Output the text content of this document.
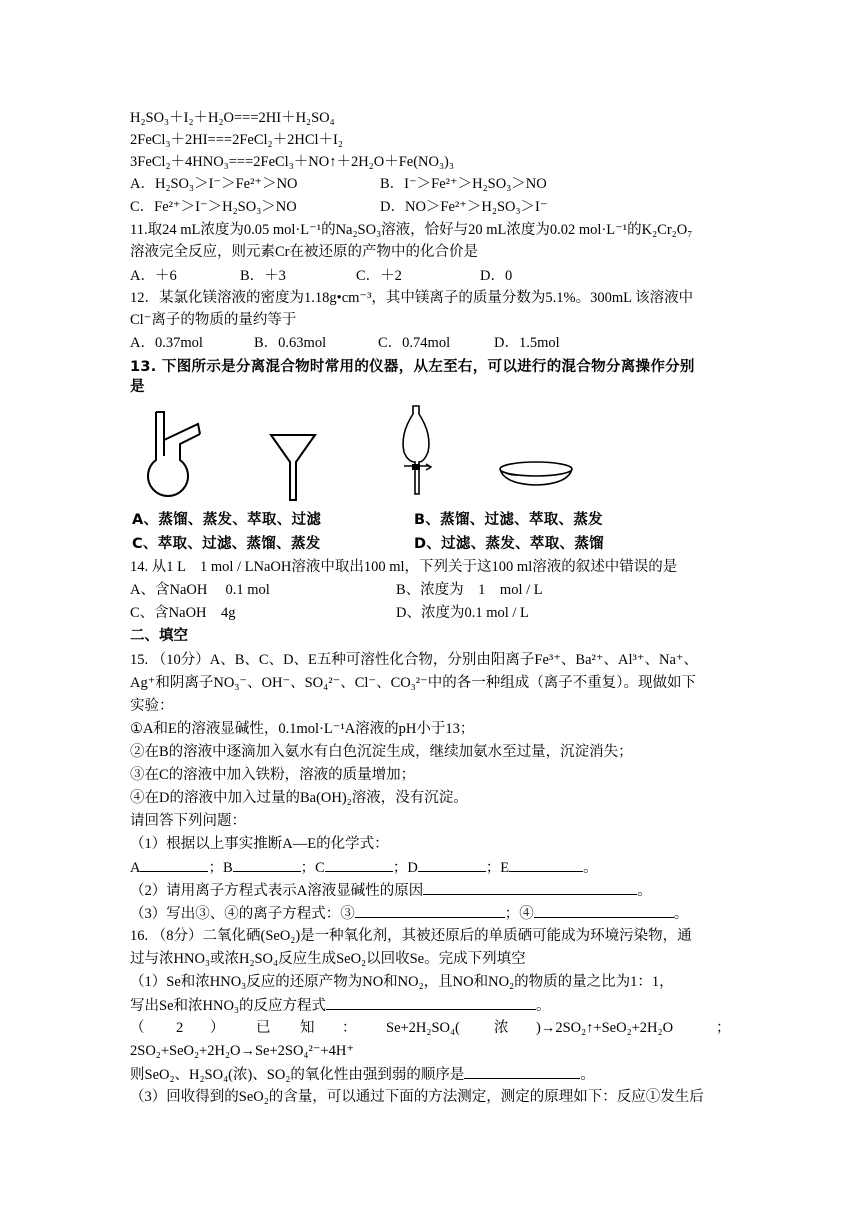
H₂SO₃＋I₂＋H₂O===2HI＋H₂SO₄
2FeCl₃＋2HI===2FeCl₂＋2HCl＋I₂
3FeCl₂＋4HNO₃===2FeCl₃＋NO↑＋2H₂O＋Fe(NO₃)₃
A．H₂SO₃＞I⁻＞Fe²⁺＞NO	B．I⁻＞Fe²⁺＞H₂SO₃＞NO
C．Fe²⁺＞I⁻＞H₂SO₃＞NO	D．NO＞Fe²⁺＞H₂SO₃＞I⁻
11.取24 mL浓度为0.05 mol·L⁻¹的Na₂SO₃溶液，恰好与20 mL浓度为0.02 mol·L⁻¹的K₂Cr₂O₇
溶液完全反应，则元素Cr在被还原的产物中的化合价是
A．＋6	B．＋3	C．＋2	D．0
12．某氯化镁溶液的密度为1.18g•cm⁻³，其中镁离子的质量分数为5.1%。300mL 该溶液中
Cl⁻离子的物质的量约等于
A．0.37mol	B．0.63mol	C．0.74mol	D．1.5mol
13. 下图所示是分离混合物时常用的仪器，从左至右，可以进行的混合物分离操作分别
是
A、蒸馏、蒸发、萃取、过滤	B、蒸馏、过滤、萃取、蒸发
C、萃取、过滤、蒸馏、蒸发	D、过滤、蒸发、萃取、蒸馏
14. 从1 L　1 mol / LNaOH溶液中取出100 ml，下列关于这100 ml溶液的叙述中错误的是
A、含NaOH　 0.1 mol	B、浓度为　1　mol / L
C、含NaOH　4g	D、浓度为0.1 mol / L
二、填空
15. （10分）A、B、C、D、E五种可溶性化合物，分别由阳离子Fe³⁺、Ba²⁺、Al³⁺、Na⁺、
Ag⁺和阴离子NO₃⁻、OH⁻、SO₄²⁻、Cl⁻、CO₃²⁻中的各一种组成（离子不重复）。现做如下
实验：
①A和E的溶液显碱性，0.1mol·L⁻¹A溶液的pH小于13；
②在B的溶液中逐滴加入氨水有白色沉淀生成，继续加氨水至过量，沉淀消失；
③在C的溶液中加入铁粉，溶液的质量增加；
④在D的溶液中加入过量的Ba(OH)₂溶液，没有沉淀。
请回答下列问题：
（1）根据以上事实推断A—E的化学式：
A	；B	；C	；D	；E	。
（2）请用离子方程式表示A溶液显碱性的原因	。
（3）写出③、④的离子方程式：③	；④	。
16. （8分）二氧化硒(SeO₂)是一种氧化剂，其被还原后的单质硒可能成为环境污染物，通
过与浓HNO₃或浓H₂SO₄反应生成SeO₂以回收Se。完成下列填空
（1）Se和浓HNO₃反应的还原产物为NO和NO₂，且NO和NO₂的物质的量之比为1：1，
写出Se和浓HNO₃的反应方程式	。
（ 2 ） 已 知 ： Se+2H₂SO₄( 浓 )→2SO₂↑+SeO₂+2H₂O	；
2SO₂+SeO₂+2H₂O→Se+2SO₄²⁻+4H⁺
则SeO₂、H₂SO₄(浓)、SO₂的氧化性由强到弱的顺序是	。
（3）回收得到的SeO₂的含量，可以通过下面的方法测定，测定的原理如下：反应①发生后
